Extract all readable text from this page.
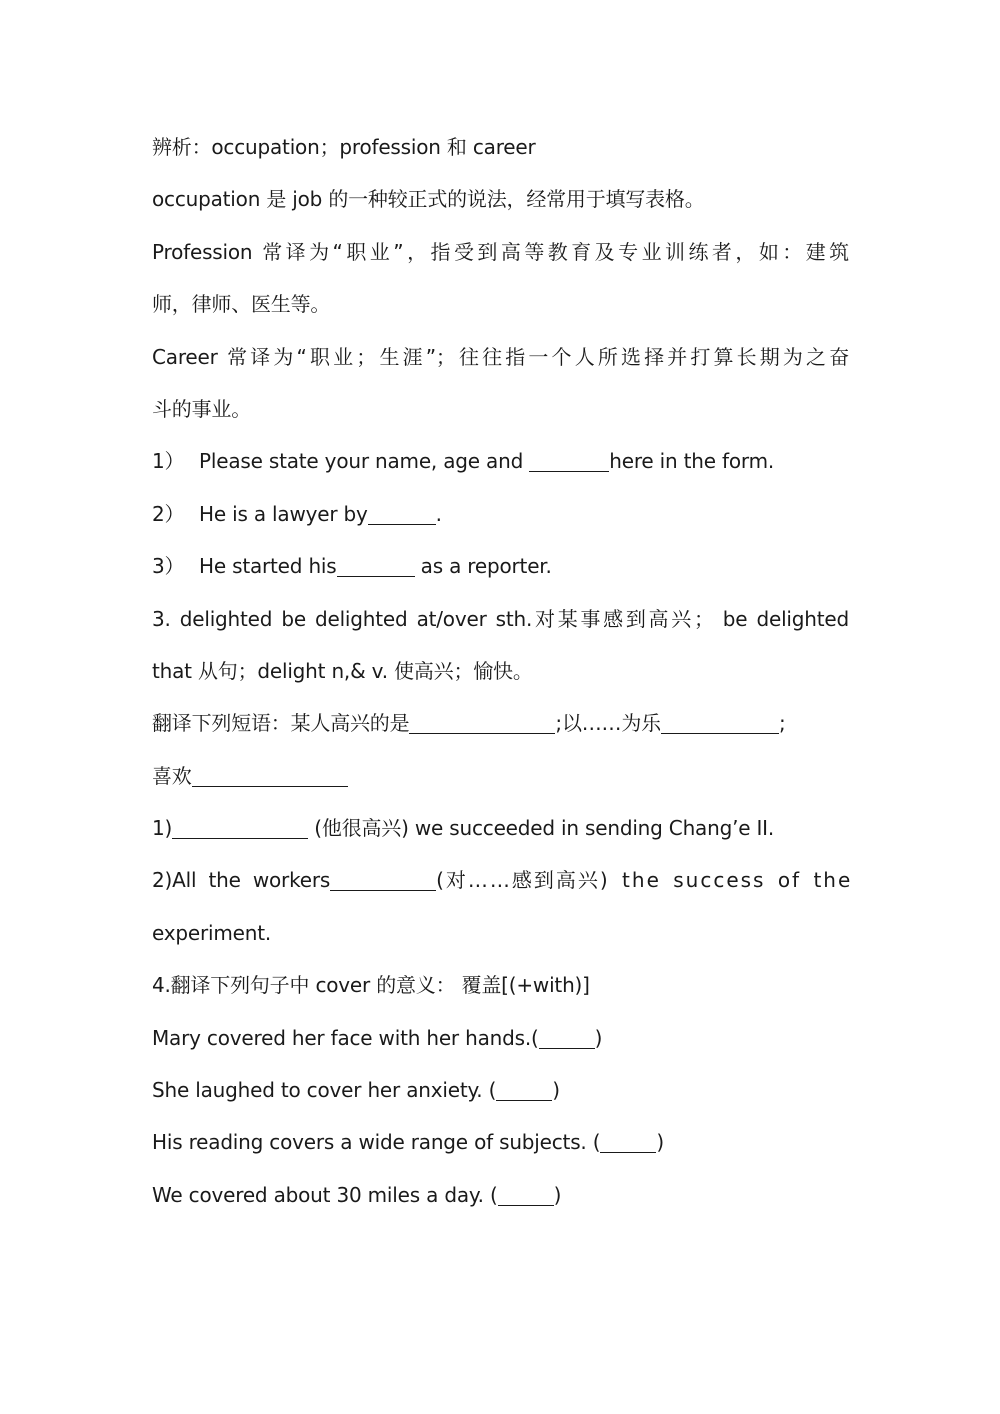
辨析：occupation；profession 和 career
occupation 是 job 的一种较正式的说法，经常用于填写表格。
Profession 常译为“职业”，指受到高等教育及专业训练者，如：建筑
师，律师、医生等。
Career 常译为“职业；生涯”；往往指一个人所选择并打算长期为之奋
斗的事业。
1） Please state your name, age and	here in the form.
2） He is a lawyer by	.
3） He started his	as a reporter.
3. delighted be delighted at/over sth.对某事感到高兴； be delighted
that 从句；delight n,& v. 使高兴；愉快。
翻译下列短语：某人高兴的是	;以……为乐	;
喜欢
1)	(他很高兴) we succeeded in sending Chang’e II.
2)All the workers	(对……感到高兴) the success of the
experiment.
4.翻译下列句子中 cover 的意义： 覆盖[(+with)]
Mary covered her face with her hands.(	)
She laughed to cover her anxiety. (	)
His reading covers a wide range of subjects. (	)
We covered about 30 miles a day. (	)
